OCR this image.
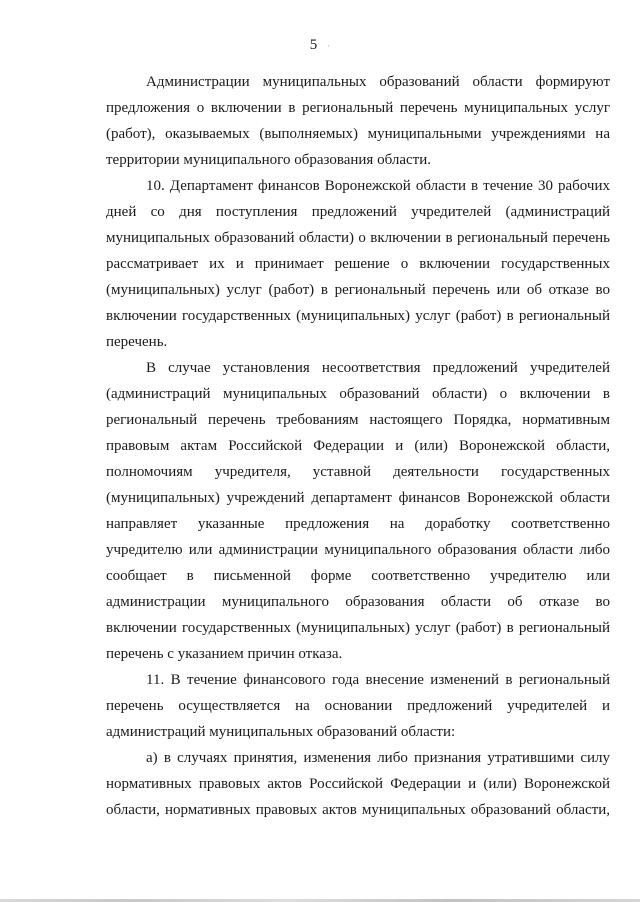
5 ·
Администрации муниципальных образований области формируют
предложения о включении в региональный перечень муниципальных услуг
(работ), оказываемых (выполняемых) муниципальными учреждениями на
территории муниципального образования области.
10. Департамент финансов Воронежской области в течение 30 рабочих
дней со дня поступления предложений учредителей (администраций
муниципальных образований области) о включении в региональный перечень
рассматривает их и принимает решение о включении государственных
(муниципальных) услуг (работ) в региональный перечень или об отказе во
включении государственных (муниципальных) услуг (работ) в региональный
перечень.
В случае установления несоответствия предложений учредителей
(администраций муниципальных образований области) о включении в
региональный перечень требованиям настоящего Порядка, нормативным
правовым актам Российской Федерации и (или) Воронежской области,
полномочиям учредителя, уставной деятельности государственных
(муниципальных) учреждений департамент финансов Воронежской области
направляет указанные предложения на доработку соответственно
учредителю или администрации муниципального образования области либо
сообщает в письменной форме соответственно учредителю или
администрации муниципального образования области об отказе во
включении государственных (муниципальных) услуг (работ) в региональный
перечень с указанием причин отказа.
11. В течение финансового года внесение изменений в региональный
перечень осуществляется на основании предложений учредителей и
администраций муниципальных образований области:
а) в случаях принятия, изменения либо признания утратившими силу
нормативных правовых актов Российской Федерации и (или) Воронежской
области, нормативных правовых актов муниципальных образований области,
